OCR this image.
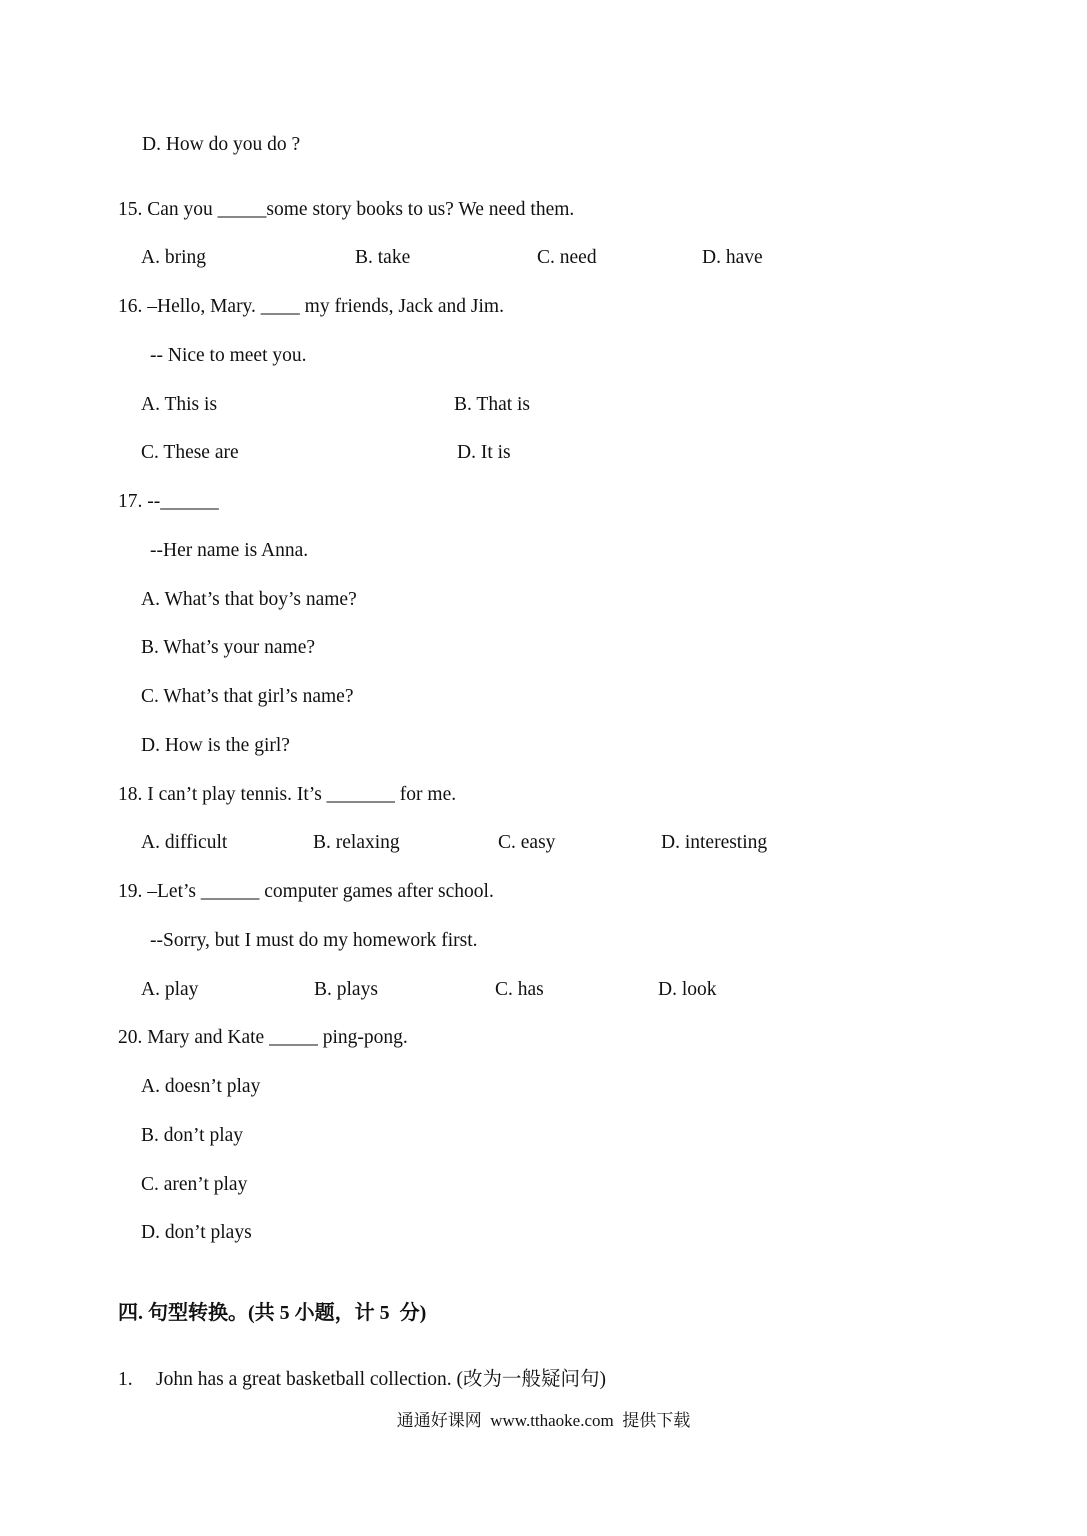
D. How do you do ?
15. Can you _____some story books to us? We need them.
A. bring	B. take	C. need	D. have
16. –Hello, Mary. ____ my friends, Jack and Jim.
-- Nice to meet you.
A. This is	B. That is
C. These are	D. It is
17. --______
--Her name is Anna.
A. What’s that boy’s name?
B. What’s your name?
C. What’s that girl’s name?
D. How is the girl?
18. I can’t play tennis. It’s _______ for me.
A. difficult	B. relaxing	C. easy	D. interesting
19. –Let’s ______ computer games after school.
--Sorry, but I must do my homework first.
A. play	B. plays	C. has	D. look
20. Mary and Kate _____ ping-pong.
A. doesn’t play
B. don’t play
C. aren’t play
D. don’t plays
四. 句型转换。(共 5 小题，计 5  分)
1. John has a great basketball collection. (改为一般疑问句)
通通好课网  www.tthaoke.com  提供下载
